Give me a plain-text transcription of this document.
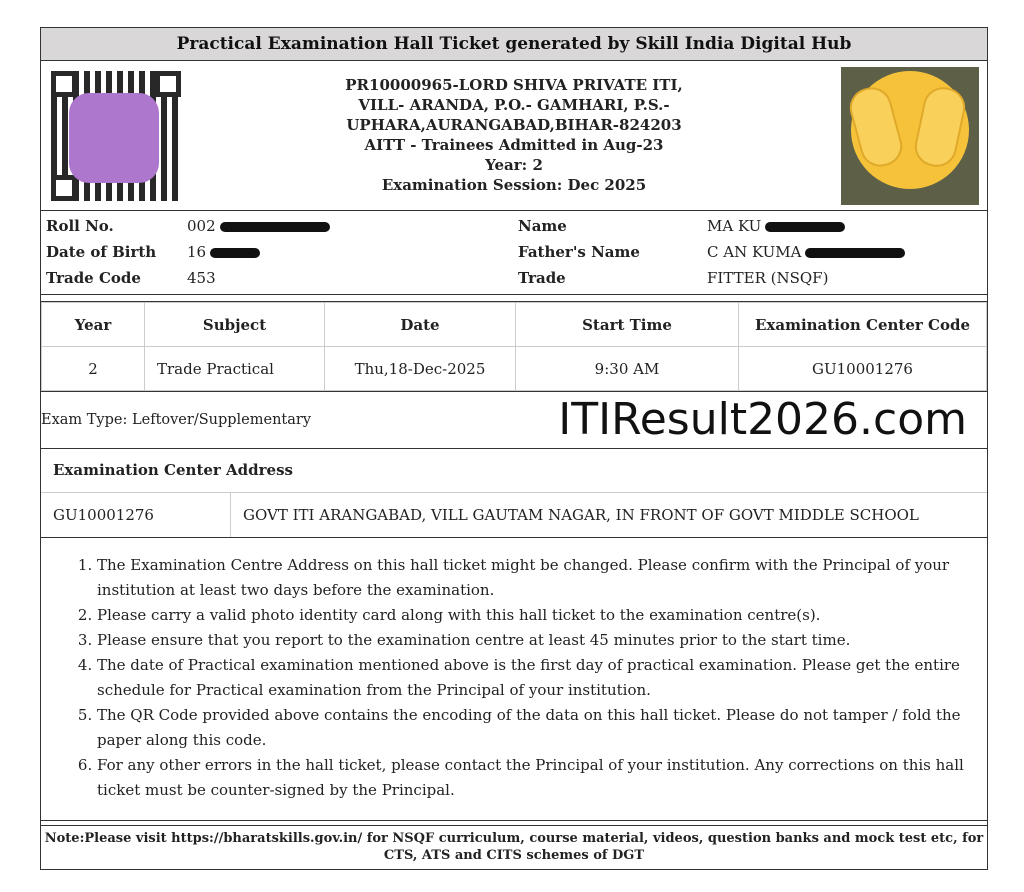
Practical Examination Hall Ticket generated by Skill India Digital Hub
PR10000965-LORD SHIVA PRIVATE ITI,
VILL- ARANDA, P.O.- GAMHARI, P.S.-
UPHARA,AURANGABAD,BIHAR-824203
AITT - Trainees Admitted in Aug-23
Year: 2
Examination Session: Dec 2025
Roll No.	002
Date of Birth 16
Trade Code	453
Name	MA KU
Father's Name	C AN KUMA
Trade	FITTER (NSQF)
Year	Subject	Date	Start Time	Examination Center Code
2	Trade Practical	Thu,18-Dec-2025	9:30 AM	GU10001276
Exam Type: Leftover/Supplementary	ITIResult2026.com
Examination Center Address
GU10001276	GOVT ITI ARANGABAD, VILL GAUTAM NAGAR, IN FRONT OF GOVT MIDDLE SCHOOL
1. The Examination Centre Address on this hall ticket might be changed. Please confirm with the Principal of your institution at least two days before the examination.
2. Please carry a valid photo identity card along with this hall ticket to the examination centre(s).
3. Please ensure that you report to the examination centre at least 45 minutes prior to the start time.
4. The date of Practical examination mentioned above is the first day of practical examination. Please get the entire schedule for Practical examination from the Principal of your institution.
5. The QR Code provided above contains the encoding of the data on this hall ticket. Please do not tamper / fold the paper along this code.
6. For any other errors in the hall ticket, please contact the Principal of your institution. Any corrections on this hall ticket must be counter-signed by the Principal.
Note:Please visit https://bharatskills.gov.in/ for NSQF curriculum, course material, videos, question banks and mock test etc, for CTS, ATS and CITS schemes of DGT
